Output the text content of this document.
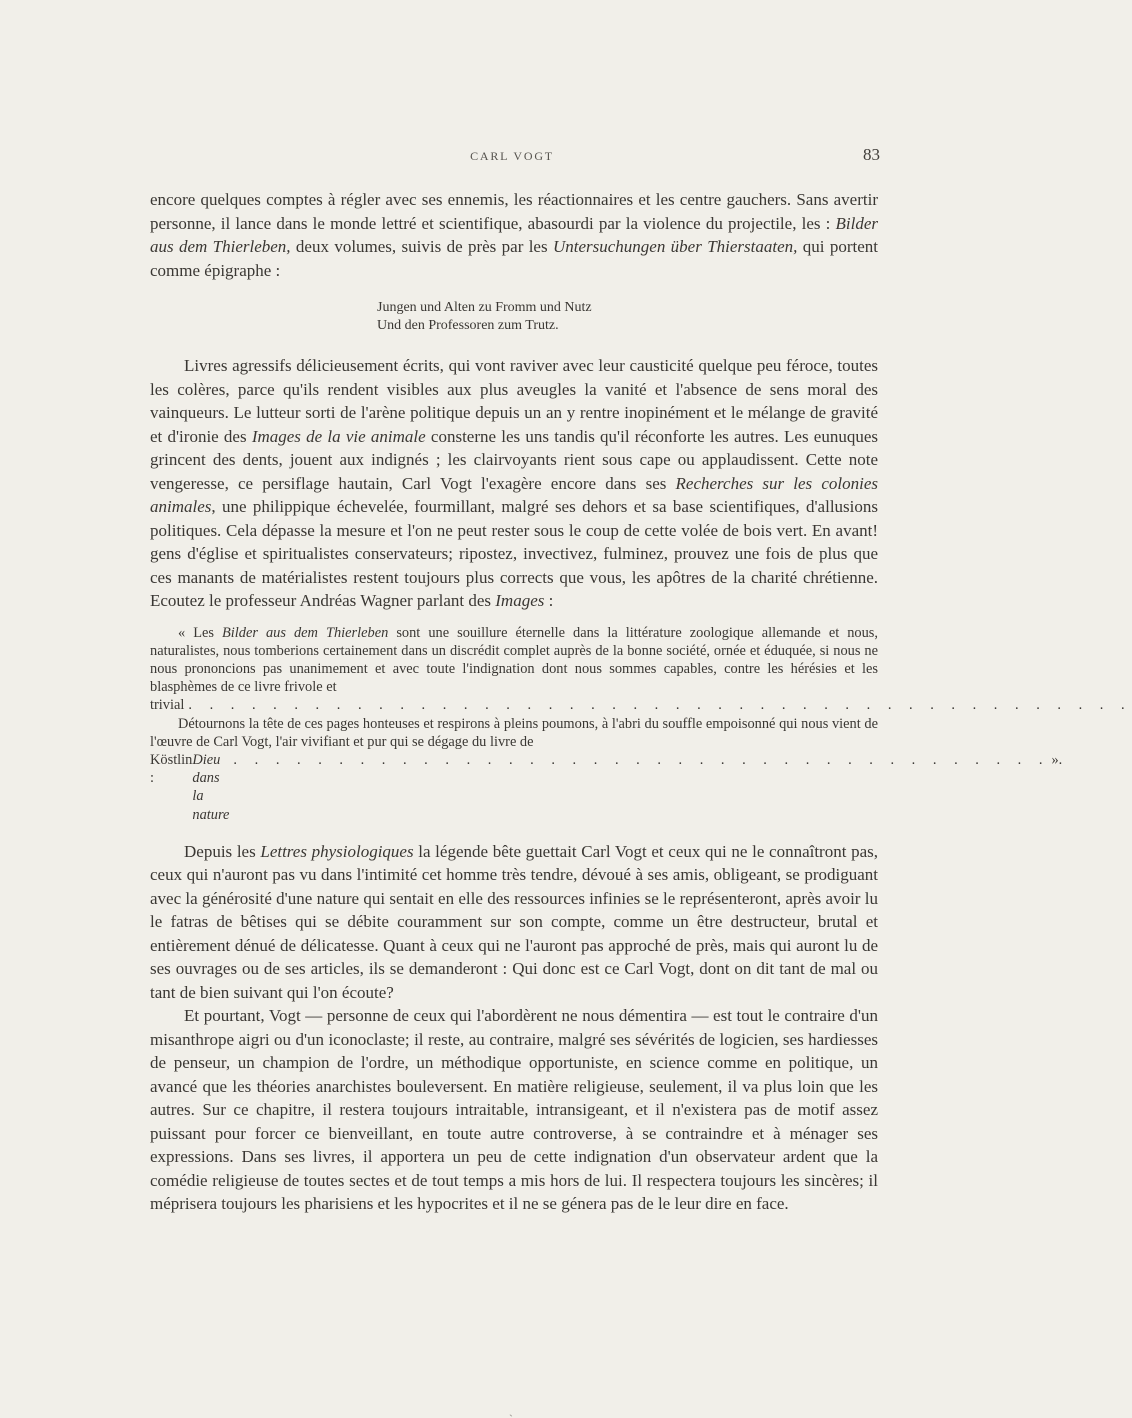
CARL VOGT	83

encore quelques comptes à régler avec ses ennemis, les réactionnaires et les centre gauchers. Sans avertir personne, il lance dans le monde lettré et scientifique, abasourdi par la violence du projectile, les : Bilder aus dem Thierleben, deux volumes, suivis de près par les Untersuchungen über Thierstaaten, qui portent comme épigraphe :

Jungen und Alten zu Fromm und Nutz
Und den Professoren zum Trutz.

Livres agressifs délicieusement écrits, qui vont raviver avec leur causticité quelque peu féroce, toutes les colères, parce qu'ils rendent visibles aux plus aveugles la vanité et l'absence de sens moral des vainqueurs. Le lutteur sorti de l'arène politique depuis un an y rentre inopinément et le mélange de gravité et d'ironie des Images de la vie animale consterne les uns tandis qu'il réconforte les autres. Les eunuques grincent des dents, jouent aux indignés ; les clairvoyants rient sous cape ou applaudissent. Cette note vengeresse, ce persiflage hautain, Carl Vogt l'exagère encore dans ses Recherches sur les colonies animales, une philippique échevelée, fourmillant, malgré ses dehors et sa base scientifiques, d'allusions politiques. Cela dépasse la mesure et l'on ne peut rester sous le coup de cette volée de bois vert. En avant! gens d'église et spiritualistes conservateurs; ripostez, invectivez, fulminez, prouvez une fois de plus que ces manants de matérialistes restent toujours plus corrects que vous, les apôtres de la charité chrétienne. Ecoutez le professeur Andréas Wagner parlant des Images :

« Les Bilder aus dem Thierleben sont une souillure éternelle dans la littérature zoologique allemande et nous, naturalistes, nous tomberions certainement dans un discrédit complet auprès de la bonne société, ornée et éduquée, si nous ne nous prononcions pas unanimement et avec toute l'indignation dont nous sommes capables, contre les hérésies et les blasphèmes de ce livre frivole et

trivial . . . . . . . . . . . . . . . . . . . . . . . . . . . . . . . . . . . . . . . . . . . . .

Détournons la tête de ces pages honteuses et respirons à pleins poumons, à l'abri du souffle empoisonné qui nous vient de l'œuvre de Carl Vogt, l'air vivifiant et pur qui se dégage du livre de

Köstlin :
Dieu dans la nature
. . . . . . . . . . . . . . . . . . . . . . . . . . . . . . . . . . . . . . . ».

Depuis les Lettres physiologiques la légende bête guettait Carl Vogt et ceux qui ne le connaîtront pas, ceux qui n'auront pas vu dans l'intimité cet homme très tendre, dévoué à ses amis, obligeant, se prodiguant avec la générosité d'une nature qui sentait en elle des ressources infinies se le représenteront, après avoir lu le fatras de bêtises qui se débite couramment sur son compte, comme un être destructeur, brutal et entièrement dénué de délicatesse. Quant à ceux qui ne l'auront pas approché de près, mais qui auront lu de ses ouvrages ou de ses articles, ils se demanderont : Qui donc est ce Carl Vogt, dont on dit tant de mal ou tant de bien suivant qui l'on écoute?

Et pourtant, Vogt — personne de ceux qui l'abordèrent ne nous démentira — est tout le contraire d'un misanthrope aigri ou d'un iconoclaste; il reste, au contraire, malgré ses sévérités de logicien, ses hardiesses de penseur, un champion de l'ordre, un méthodique opportuniste, en science comme en politique, un avancé que les théories anarchistes bouleversent. En matière religieuse, seulement, il va plus loin que les autres. Sur ce chapitre, il restera toujours intraitable, intransigeant, et il n'existera pas de motif assez puissant pour forcer ce bienveillant, en toute autre controverse, à se contraindre et à ménager ses expressions. Dans ses livres, il apportera un peu de cette indignation d'un observateur ardent que la comédie religieuse de toutes sectes et de tout temps a mis hors de lui. Il respectera toujours les sincères; il méprisera toujours les pharisiens et les hypocrites et il ne se génera pas de le leur dire en face.

ˏ
